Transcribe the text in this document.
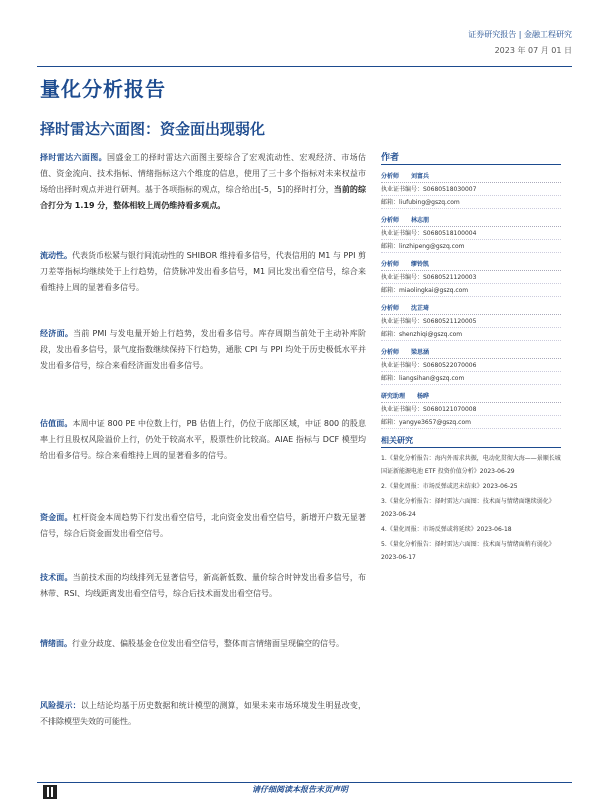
证券研究报告 | 金融工程研究
2023 年 07 月 01 日
量化分析报告
择时雷达六面图：资金面出现弱化

择时雷达六面图。国盛金工的择时雷达六面图主要综合了宏观流动性、宏观经济、市场估值、资金流向、技术指标、情绪指标这六个维度的信息，使用了三十多个指标对未来权益市场给出择时观点并进行研判。基于各项指标的观点，综合给出[-5，5]的择时打分，当前的综合打分为 1.19 分，整体相较上周仍维持看多观点。

流动性。代表货币松紧与银行间流动性的 SHIBOR 维持看多信号，代表信用的 M1 与 PPI 剪刀差等指标均继续处于上行趋势，信贷脉冲发出看多信号，M1 同比发出看空信号，综合来看维持上周的显著看多信号。

经济面。当前 PMI 与发电量开始上行趋势，发出看多信号。库存周期当前处于主动补库阶段，发出看多信号，景气度指数继续保持下行趋势，通胀 CPI 与 PPI 均处于历史极低水平并发出看多信号，综合来看经济面发出看多信号。

估值面。本周中证 800 PE 中位数上行，PB 估值上行，仍位于底部区域，中证 800 的股息率上行且股权风险溢价上行，仍处于较高水平，股票性价比较高。AIAE 指标与 DCF 模型均给出看多信号。综合来看维持上周的显著看多的信号。

资金面。杠杆资金本周趋势下行发出看空信号，北向资金发出看空信号，新增开户数无显著信号，综合后资金面发出看空信号。

技术面。当前技术面的均线排列无显著信号，新高新低数、量价综合时钟发出看多信号，布林带、RSI、均线距离发出看空信号，综合后技术面发出看空信号。

情绪面。行业分歧度、偏股基金仓位发出看空信号，整体而言情绪面呈现偏空的信号。

风险提示：以上结论均基于历史数据和统计模型的测算，如果未来市场环境发生明显改变，不排除模型失效的可能性。

作者
分析师 刘富兵
执业证书编号：S0680518030007
邮箱：liufubing@gszq.com
分析师 林志朋
执业证书编号：S0680518100004
邮箱：linzhipeng@gszq.com
分析师 缪铃凯
执业证书编号：S0680521120003
邮箱：miaolingkai@gszq.com
分析师 沈芷琦
执业证书编号：S0680521120005
邮箱：shenzhiqi@gszq.com
分析师 梁思涵
执业证书编号：S0680522070006
邮箱：liangsihan@gszq.com
研究助理 杨晔
执业证书编号：S0680121070008
邮箱：yangye3657@gszq.com
相关研究
1.《量化分析报告：海内外需求共振，电动化贯彻大海——景顺长城国证新能源电池 ETF 投资价值分析》2023-06-29
2.《量化周报：市场反弹或迟未结束》2023-06-25
3.《量化分析报告：择时雷达六面图：技术面与情绪面继续弱化》2023-06-24
4.《量化周报：市场反弹或将延续》2023-06-18
5.《量化分析报告：择时雷达六面图：技术面与情绪面稍有弱化》2023-06-17
请仔细阅读本报告末页声明
